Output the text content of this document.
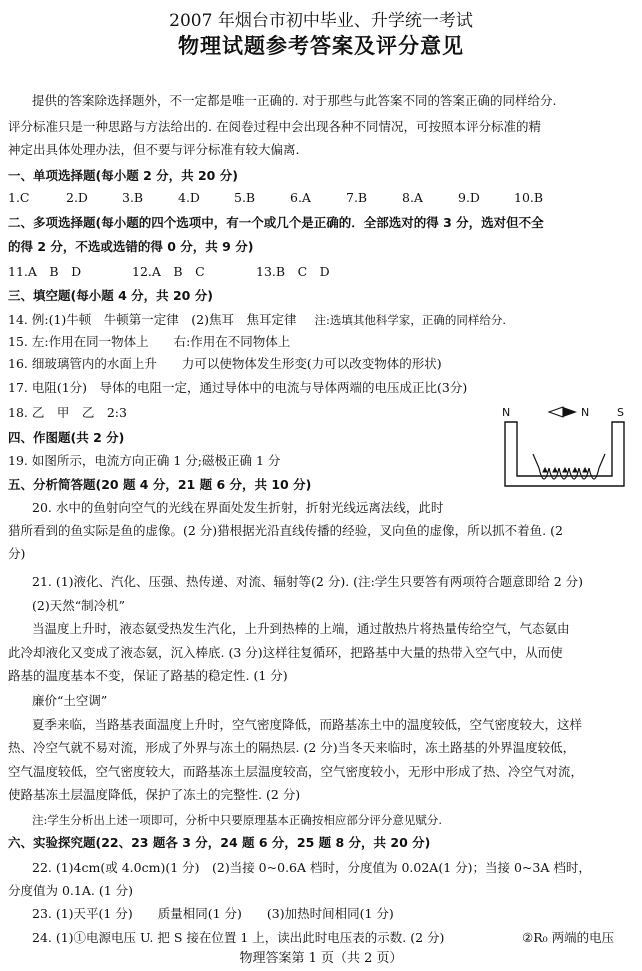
2007 年烟台市初中毕业、升学统一考试
物理试题参考答案及评分意见
提供的答案除选择题外，不一定都是唯一正确的. 对于那些与此答案不同的答案正确的同样给分.
评分标准只是一种思路与方法给出的. 在阅卷过程中会出现各种不同情况，可按照本评分标准的精
神定出具体处理办法，但不要与评分标准有较大偏离.
一、单项选择题(每小题 2 分，共 20 分)
1.C	2.D	3.B	4.D	5.B	6.A	7.B	8.A	9.D	10.B
二、多项选择题(每小题的四个选项中，有一个或几个是正确的．全部选对的得 3 分，选对但不全
的得 2 分，不选或选错的得 0 分，共 9 分)
11.A　B　D	12.A　B　C	13.B　C　D
三、填空题(每小题 4 分，共 20 分)
14. 例:(1)牛顿　牛顿第一定律　(2)焦耳　焦耳定律 注:选填其他科学家，正确的同样给分.
15. 左:作用在同一物体上　　右:作用在不同物体上
16. 细玻璃管内的水面上升　　力可以使物体发生形变(力可以改变物体的形状)
17. 电阻(1分)　导体的电阻一定，通过导体中的电流与导体两端的电压成正比(3分)
18. 乙　甲　乙　2:3
四、作图题(共 2 分)
19. 如图所示，电流方向正确 1 分;磁极正确 1 分
五、分析简答题(20 题 4 分，21 题 6 分，共 10 分)
20. 水中的鱼射向空气的光线在界面处发生折射，折射光线远离法线，此时
猎所看到的鱼实际是鱼的虚像。(2 分)猎根据光沿直线传播的经验，叉向鱼的虚像，所以抓不着鱼. (2
分)
21. (1)液化、汽化、压强、热传递、对流、辐射等(2 分). (注:学生只要答有两项符合题意即给 2 分)
(2)天然“制冷机”
当温度上升时，液态氨受热发生汽化，上升到热棒的上端，通过散热片将热量传给空气，气态氨由
此冷却液化又变成了液态氨，沉入棒底. (3 分)这样往复循环，把路基中大量的热带入空气中，从而使
路基的温度基本不变，保证了路基的稳定性. (1 分)
廉价“土空调”
夏季来临，当路基表面温度上升时，空气密度降低，而路基冻土中的温度较低，空气密度较大，这样
热、冷空气就不易对流，形成了外界与冻土的隔热层. (2 分)当冬天来临时，冻土路基的外界温度较低，
空气温度较低，空气密度较大，而路基冻土层温度较高，空气密度较小，无形中形成了热、冷空气对流，
使路基冻土层温度降低，保护了冻土的完整性. (2 分)
注:学生分析出上述一项即可，分析中只要原理基本正确按相应部分评分意见赋分.
六、实验探究题(22、23 题各 3 分，24 题 6 分，25 题 8 分，共 20 分)
22. (1)4cm(或 4.0cm)(1 分)　(2)当接 0~0.6A 档时，分度值为 0.02A(1 分)；当接 0~3A 档时，
分度值为 0.1A. (1 分)
23. (1)天平(1 分)　　质量相同(1 分)　　(3)加热时间相同(1 分)
24. (1)①电源电压 U. 把 S 接在位置 1 上，读出此时电压表的示数. (2 分)	②R₀ 两端的电压
N	N	S
物理答案第 1 页（共 2 页）
